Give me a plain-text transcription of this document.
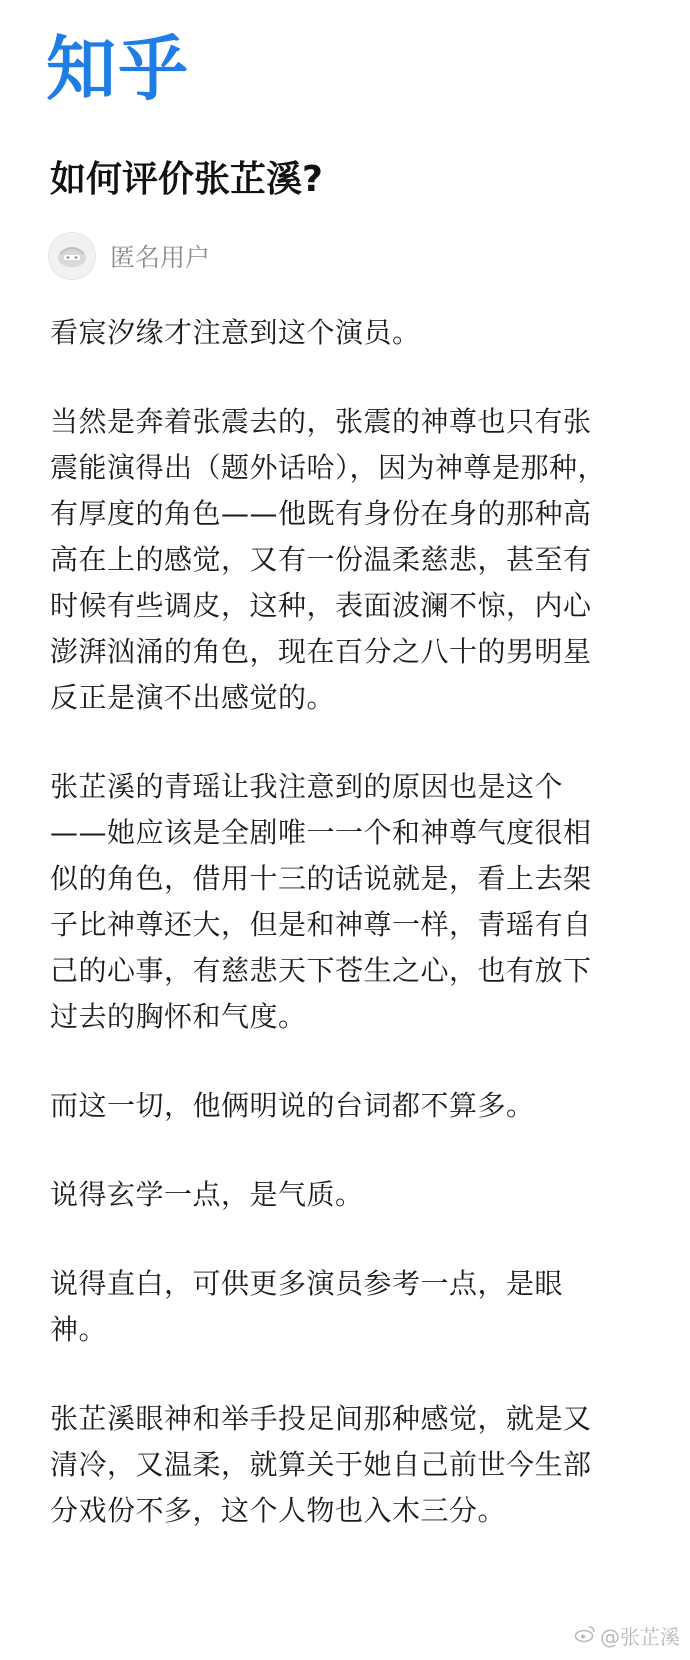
知乎
如何评价张芷溪?
匿名用户

看宸汐缘才注意到这个演员。

当然是奔着张震去的，张震的神尊也只有张震能演得出（题外话哈），因为神尊是那种，有厚度的角色——他既有身份在身的那种高高在上的感觉，又有一份温柔慈悲，甚至有时候有些调皮，这种，表面波澜不惊，内心澎湃汹涌的角色，现在百分之八十的男明星反正是演不出感觉的。

张芷溪的青瑶让我注意到的原因也是这个——她应该是全剧唯一一个和神尊气度很相似的角色，借用十三的话说就是，看上去架子比神尊还大，但是和神尊一样，青瑶有自己的心事，有慈悲天下苍生之心，也有放下过去的胸怀和气度。

而这一切，他俩明说的台词都不算多。

说得玄学一点，是气质。

说得直白，可供更多演员参考一点，是眼神。

张芷溪眼神和举手投足间那种感觉，就是又清冷，又温柔，就算关于她自己前世今生部分戏份不多，这个人物也入木三分。

@张芷溪
